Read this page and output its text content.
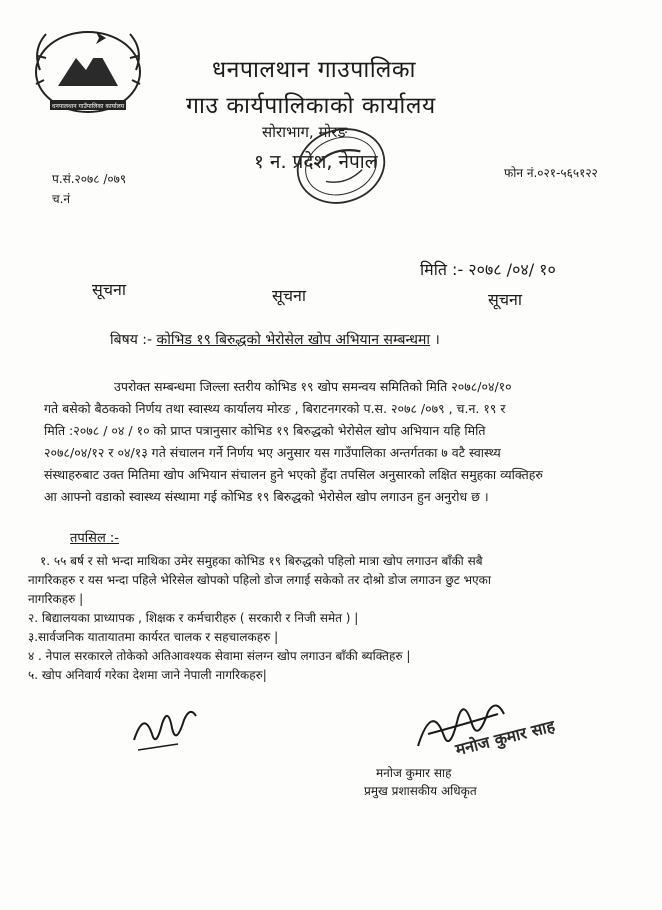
धनपालथान गाउँपालिका कार्यालय
धनपालथान गाउपालिका
गाउ कार्यपालिकाको कार्यालय
सोराभाग, मोरङ
१ न. प्रदेश, नेपाल
प.सं.२०७८ /०७९
च.नं
फोन नं.०२१-५६५१२२
मिति :- २०७८ /०४/ १०
सूचना	सूचना	सूचना
बिषय :- कोभिड १९ बिरुद्धको भेरोसेल खोप अभियान सम्बन्धमा ।
उपरोक्त सम्बन्धमा जिल्ला स्तरीय कोभिड १९ खोप समन्वय समितिको मिति २०७८/०४/१०
गते बसेको बैठकको निर्णय तथा स्वास्थ्य कार्यालय मोरङ , बिराटनगरको प.स. २०७८ /०७९ , च.न. १९ र
मिति :२०७८ / ०४ / १० को प्राप्त पत्रानुसार कोभिड १९ बिरुद्धको भेरोसेल खोप अभियान यहि मिति
२०७८/०४/१२ र ०४/१३ गते संचालन गर्ने निर्णय भए अनुसार यस गाउँपालिका अन्तर्गतका ७ वटै स्वास्थ्य
संस्थाहरुबाट उक्त मितिमा खोप अभियान संचालन हुने भएको हुँदा तपसिल अनुसारको लक्षित समुहका व्यक्तिहरु
आ आफ्नो वडाको स्वास्थ्य संस्थामा गई कोभिड १९ बिरुद्धको भेरोसेल खोप लगाउन हुन अनुरोध छ ।
तपसिल :-
१. ५५ बर्ष र सो भन्दा माथिका उमेर समुहका कोभिड १९ बिरुद्धको पहिलो मात्रा खोप लगाउन बाँकी सबै
नागरिकहरु र यस भन्दा पहिले भेरिसेल खोपको पहिलो डोज लगाई सकेको तर दोश्रो डोज लगाउन छुट भएका
नागरिकहरु |
२. बिद्यालयका प्राध्यापक , शिक्षक र कर्मचारीहरु ( सरकारी र निजी समेत ) |
३.सार्वजनिक यातायातमा कार्यरत चालक र सहचालकहरु |
४ . नेपाल सरकारले तोकेको अतिआवश्यक सेवामा संलग्न खोप लगाउन बाँकी ब्यक्तिहरु |
५. खोप अनिवार्य गरेका देशमा जाने नेपाली नागरिकहरु|
मनोज कुमार साह
मनोज कुमार साह
प्रमुख प्रशासकीय अधिकृत
